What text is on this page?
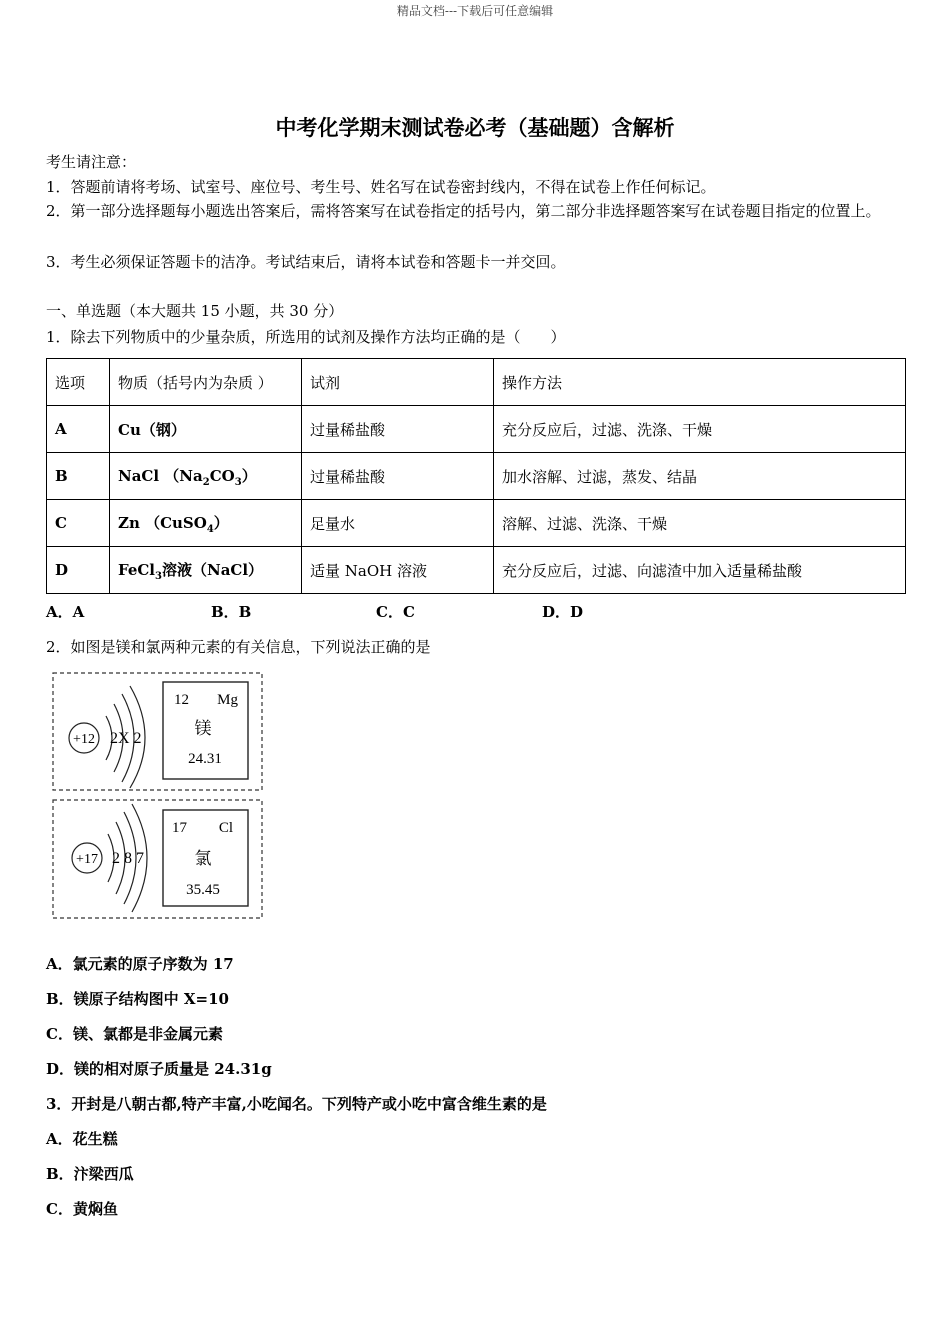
精品文档---下载后可任意编辑
中考化学期末测试卷必考（基础题）含解析
考生请注意：
1．答题前请将考场、试室号、座位号、考生号、姓名写在试卷密封线内，不得在试卷上作任何标记。
2．第一部分选择题每小题选出答案后，需将答案写在试卷指定的括号内，第二部分非选择题答案写在试卷题目指定的位置上。
3．考生必须保证答题卡的洁净。考试结束后，请将本试卷和答题卡一并交回。
一、单选题（本大题共 15 小题，共 30 分）
1．除去下列物质中的少量杂质，所选用的试剂及操作方法均正确的是（　　）
选项	物质（括号内为杂质 ）	试剂	操作方法
A	Cu（钢）	过量稀盐酸	充分反应后，过滤、洗涤、干燥
B	NaCl $(Na_2CO_3)$	过量稀盐酸	加水溶解、过滤，蒸发、结晶
C	Zn （CuSO$_4$）	足量水	溶解、过滤、洗涤、干燥
D	FeCl$_3$溶液（NaCl）	适量 NaOH 溶液	充分反应后，过滤、向滤渣中加入适量稀盐酸
A．A	B．B	C．C	D．D
2．如图是镁和氯两种元素的有关信息，下列说法正确的是
+12 2X 2
12 Mg
镁
24.31
+17 2 8 7
17 Cl
氯
35.45
A．氯元素的原子序数为 17
B．镁原子结构图中 X=10
C．镁、氯都是非金属元素
D．镁的相对原子质量是 24.31g
3．开封是八朝古都,特产丰富,小吃闻名。下列特产或小吃中富含维生素的是
A．花生糕
B．汴梁西瓜
C．黄焖鱼
